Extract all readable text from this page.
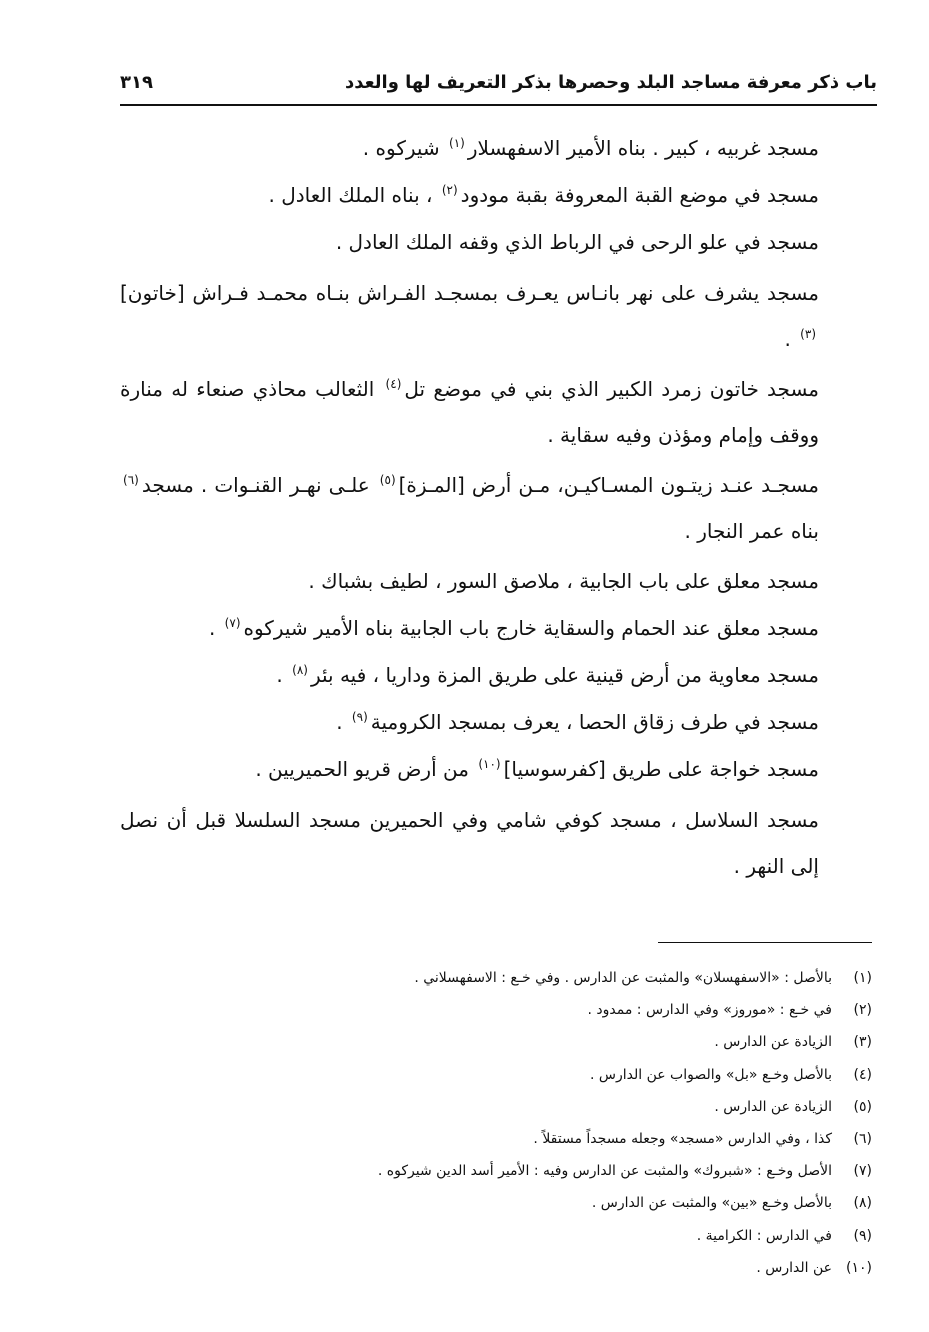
باب ذكر معرفة مساجد البلد وحصرها بذكر التعريف لها والعدد
٣١٩
مسجد غربيه ، كبير . بناه الأمير الاسفهسلار$^{(١)}$ شيركوه .
مسجد في موضع القبة المعروفة بقبة مودود$^{(٢)}$ ، بناه الملك العادل .
مسجد في علو الرحى في الرباط الذي وقفه الملك العادل .
مسجد يشرف على نهر بانـاس يعـرف بمسجـد الفـراش بنـاه محمـد فـراش [خاتون]$^{(٣)}$ .
مسجد خاتون زمرد الكبير الذي بني في موضع تل$^{(٤)}$ الثعالب محاذي صنعاء له منارة ووقف وإمام ومؤذن وفيه سقاية .
مسجـد عنـد زيتـون المسـاكيـن، مـن أرض [المـزة]$^{(٥)}$ علـى نهـر القنـوات . مسجد$^{(٦)}$ بناه عمر النجار .
مسجد معلق على باب الجابية ، ملاصق السور ، لطيف بشباك .
مسجد معلق عند الحمام والسقاية خارج باب الجابية بناه الأمير شيركوه$^{(٧)}$ .
مسجد معاوية من أرض قينية على طريق المزة وداريا ، فيه بئر$^{(٨)}$ .
مسجد في طرف زقاق الحصا ، يعرف بمسجد الكرومية$^{(٩)}$ .
مسجد خواجة على طريق [كفرسوسيا]$^{(١٠)}$ من أرض قريو الحميريين .
مسجد السلاسل ، مسجد كوفي شامي وفي الحميرين مسجد السلسلا قبل أن نصل إلى النهر .
(١)بالأصل : «الاسفهسلان» والمثبت عن الدارس . وفي خـع : الاسفهسلاني .
(٢)في خـع : «موروز» وفي الدارس : ممدود .
(٣)الزيادة عن الدارس .
(٤)بالأصل وخـع «بل» والصواب عن الدارس .
(٥)الزيادة عن الدارس .
(٦)كذا ، وفي الدارس «مسجد» وجعله مسجداً مستقلاً .
(٧)الأصل وخـع : «شبروك» والمثبت عن الدارس وفيه : الأمير أسد الدين شيركوه .
(٨)بالأصل وخـع «بين» والمثبت عن الدارس .
(٩)في الدارس : الكرامية .
(١٠)عن الدارس .
